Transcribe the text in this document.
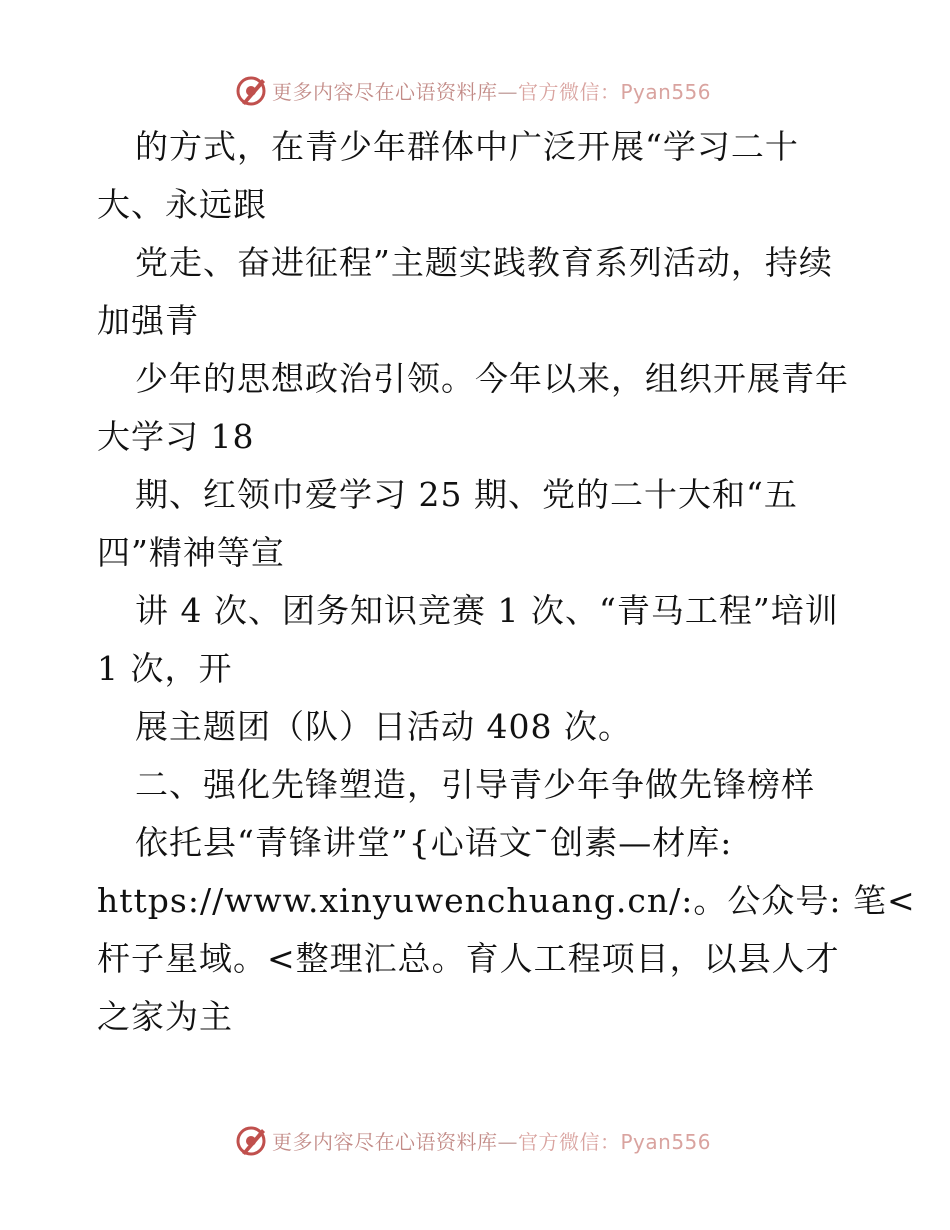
更多内容尽在心语资料库—官方微信：Pyan556
的方式，在青少年群体中广泛开展“学习二十
大、永远跟
党走、奋进征程”主题实践教育系列活动，持续
加强青
少年的思想政治引领。今年以来，组织开展青年
大学习 18
期、红领巾爱学习 25 期、党的二十大和“五
四”精神等宣
讲 4 次、团务知识竞赛 1 次、“青马工程”培训
1 次，开
展主题团（队）日活动 408 次。
二、强化先锋塑造，引导青少年争做先锋榜样
依托县“青锋讲堂”{心语文¯创素—材库:
https://www.xinyuwenchuang.cn/:。公众号: 笔<
杆子星域。<整理汇总。育人工程项目，以县人才
之家为主
更多内容尽在心语资料库—官方微信：Pyan556
